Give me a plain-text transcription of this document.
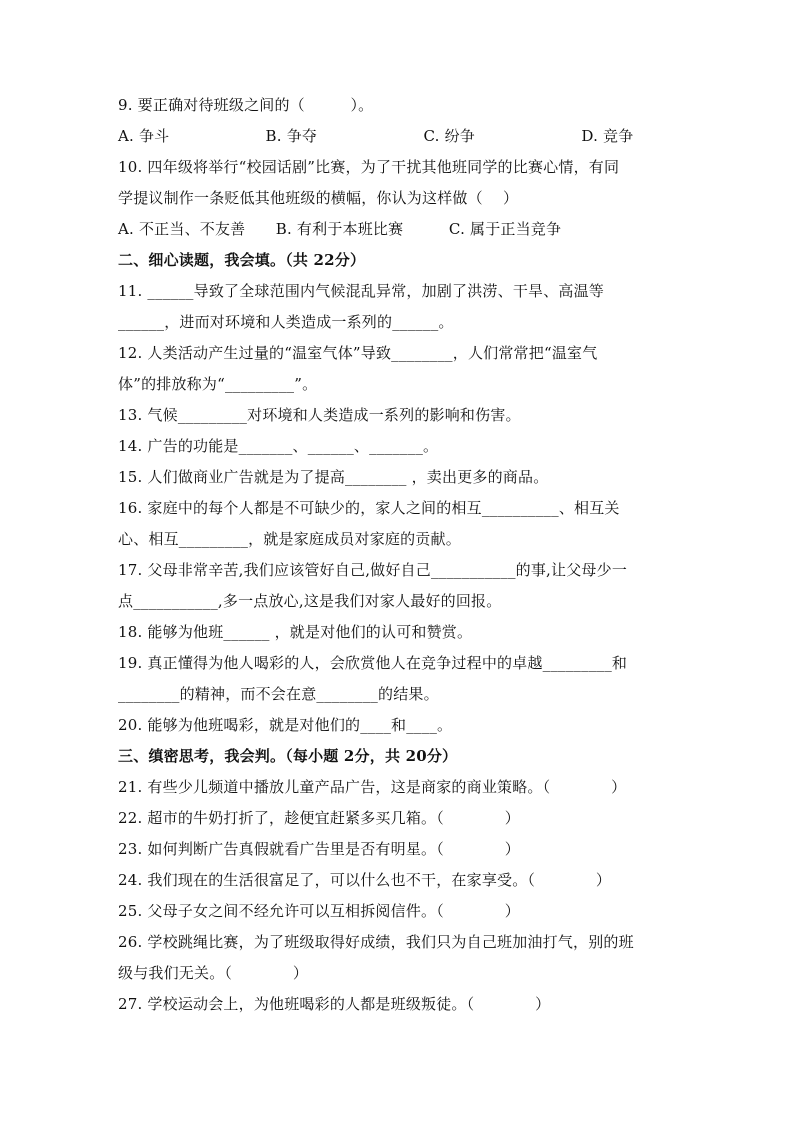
9. 要正确对待班级之间的（　　　）。
A. 争斗　　　　　　 B. 争夺　　　　　　　C. 纷争　　　　　　　D. 竞争
10. 四年级将举行“校园话剧”比赛，为了干扰其他班同学的比赛心情，有同
学提议制作一条贬低其他班级的横幅，你认为这样做（　 ）
A. 不正当、不友善　　B. 有利于本班比赛　　　C. 属于正当竞争
二、细心读题，我会填。（共 22分）
11. ______导致了全球范围内气候混乱异常，加剧了洪涝、干旱、高温等
______，进而对环境和人类造成一系列的______。
12. 人类活动产生过量的“温室气体”导致________，人们常常把“温室气
体”的排放称为“_________”。
13. 气候_________对环境和人类造成一系列的影响和伤害。
14. 广告的功能是_______、______、_______。
15. 人们做商业广告就是为了提高________ ，卖出更多的商品。
16. 家庭中的每个人都是不可缺少的，家人之间的相互__________、相互关
心、相互_________，就是家庭成员对家庭的贡献。
17. 父母非常辛苦,我们应该管好自己,做好自己___________的事,让父母少一
点___________,多一点放心,这是我们对家人最好的回报。
18. 能够为他班______ ，就是对他们的认可和赞赏。
19. 真正懂得为他人喝彩的人，会欣赏他人在竞争过程中的卓越_________和
________的精神，而不会在意________的结果。
20. 能够为他班喝彩，就是对他们的____和____。
三、缜密思考，我会判。（每小题 2分，共 20分）
21. 有些少儿频道中播放儿童产品广告，这是商家的商业策略。（　　　　）
22. 超市的牛奶打折了，趁便宜赶紧多买几箱。（　　　　）
23. 如何判断广告真假就看广告里是否有明星。（　　　　）
24. 我们现在的生活很富足了，可以什么也不干，在家享受。（　　　　）
25. 父母子女之间不经允许可以互相拆阅信件。（　　　　）
26. 学校跳绳比赛，为了班级取得好成绩，我们只为自己班加油打气，别的班
级与我们无关。（　　　　）
27. 学校运动会上，为他班喝彩的人都是班级叛徒。（　　　　）
